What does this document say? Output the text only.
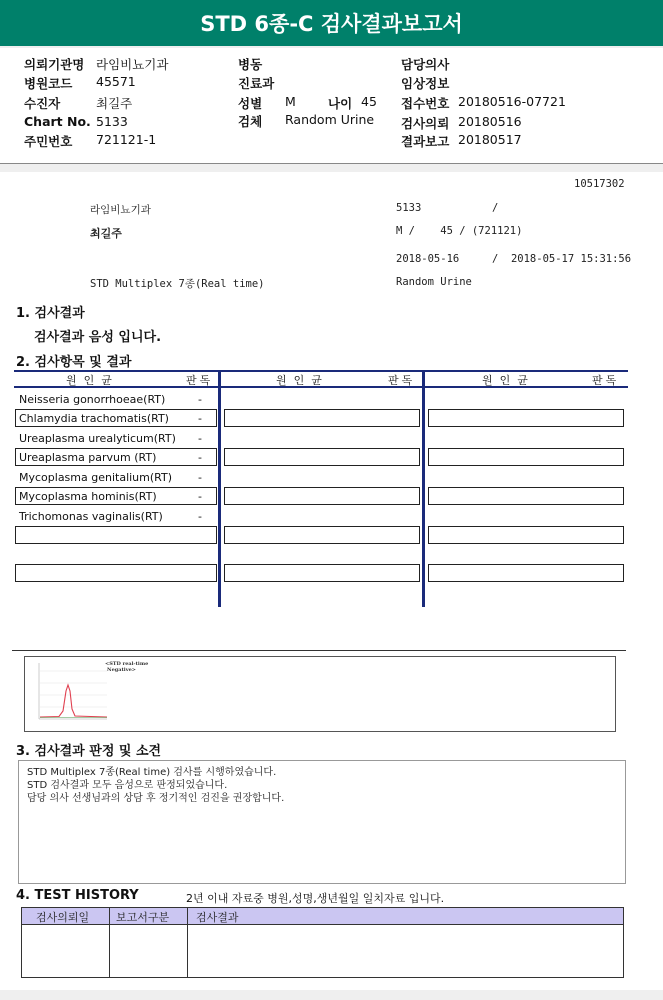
STD 6종-C 검사결과보고서
의뢰기관명 라임비뇨기과
병원코드 45571
수진자	최길주
Chart No. 5133
주민번호 721121-1
병동
진료과
성별 M	나이 45
검체 Random Urine
담당의사
임상정보
접수번호 20180516-07721
검사의뢰 20180516
결과보고 20180517
10517302
라임비뇨기과	5133	/
최길주	M /    45 / (721121)
2018-05-16	/  2018-05-17 15:31:56
STD Multiplex 7종(Real time)	Random Urine
1. 검사결과
검사결과 음성 입니다.
2. 검사항목 및 결과
원인균	판독	원인균	판독	원인균	판독
Neisseria gonorrhoeae(RT)	-
Chlamydia trachomatis(RT)	-
Ureaplasma urealyticum(RT) -
Ureaplasma parvum (RT)	-
Mycoplasma genitalium(RT) -
Mycoplasma hominis(RT)	-
Trichomonas vaginalis(RT)	-
<STD real-time
Negative>
3. 검사결과 판정 및 소견
STD Multiplex 7종(Real time) 검사를 시행하였습니다.
STD 검사결과 모두 음성으로 판정되었습니다.
담당 의사 선생님과의 상담 후 정기적인 검진을 권장합니다.
4. TEST HISTORY	2년 이내 자료중 병원,성명,생년월일 일치자료 입니다.
검사의뢰일 보고서구분 검사결과
